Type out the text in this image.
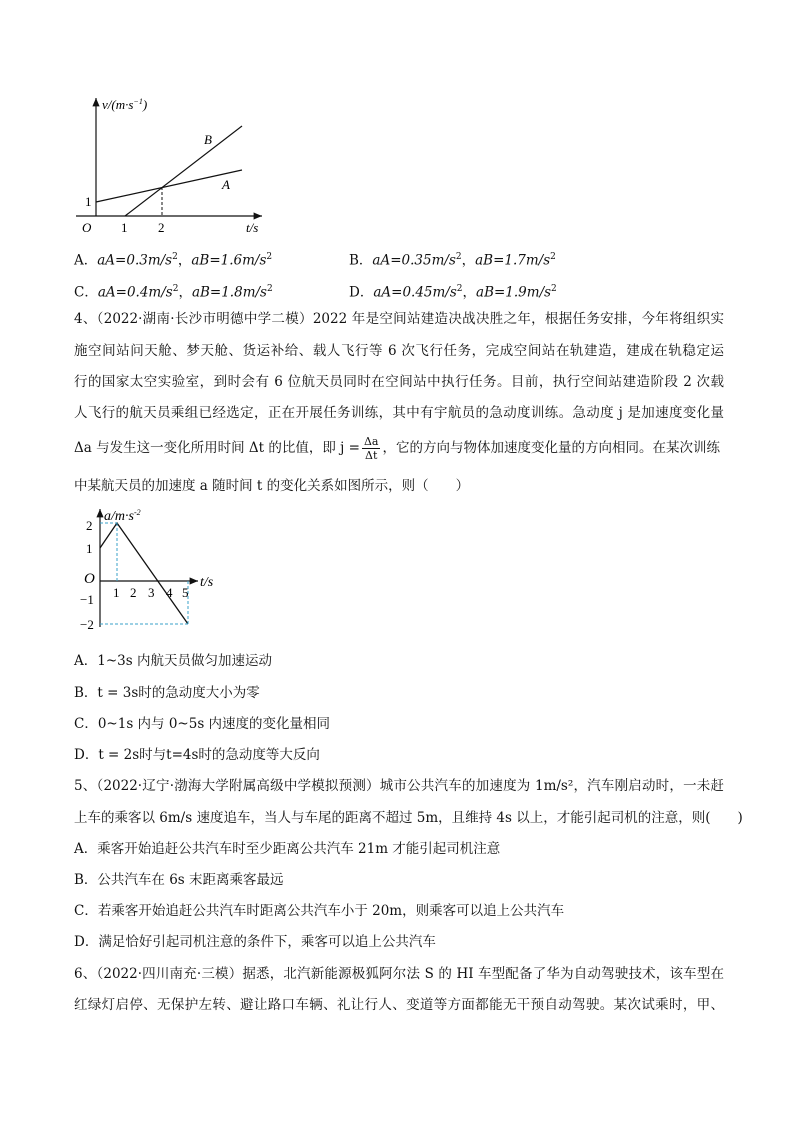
$v/(m\cdot s^{-1})$
t/s
O
B
A
1
1 2
A．$aA=0.3m/s^2$，$aB=1.6m/s^2$	B．$aA=0.35m/s^2$，$aB=1.7m/s^2$
C．$aA=0.4m/s^2$，$aB=1.8m/s^2$	D．$aA=0.45m/s^2$，$aB=1.9m/s^2$
4、（2022·湖南·长沙市明德中学二模）2022 年是空间站建造决战决胜之年，根据任务安排，今年将组织实
施空间站问天舱、梦天舱、货运补给、载人飞行等 6 次飞行任务，完成空间站在轨建造，建成在轨稳定运
行的国家太空实验室，到时会有 6 位航天员同时在空间站中执行任务。目前，执行空间站建造阶段 2 次载
人飞行的航天员乘组已经选定，正在开展任务训练，其中有宇航员的急动度训练。急动度 j 是加速度变化量
Δa 与发生这一变化所用时间 Δt 的比值，即 $j = \frac{\Delta a}{\Delta t}$ ，它的方向与物体加速度变化量的方向相同。在某次训练
中某航天员的加速度 a 随时间 t 的变化关系如图所示，则（　　）
$a/m\cdot s^{-2}$
t/s
O
2
1
−1
−2
1 2 3 4 5
A．1~3s 内航天员做匀加速运动
B．t = 3s时的急动度大小为零
C．0~1s 内与 0~5s 内速度的变化量相同
D．t = 2s时与t=4s时的急动度等大反向
5、（2022·辽宁·渤海大学附属高级中学模拟预测）城市公共汽车的加速度为 1m/s²，汽车刚启动时，一未赶
上车的乘客以 6m/s 速度追车，当人与车尾的距离不超过 5m，且维持 4s 以上，才能引起司机的注意，则(　　)
A．乘客开始追赶公共汽车时至少距离公共汽车 21m 才能引起司机注意
B．公共汽车在 6s 末距离乘客最远
C．若乘客开始追赶公共汽车时距离公共汽车小于 20m，则乘客可以追上公共汽车
D．满足恰好引起司机注意的条件下，乘客可以追上公共汽车
6、（2022·四川南充·三模）据悉，北汽新能源极狐阿尔法 S 的 HI 车型配备了华为自动驾驶技术，该车型在
红绿灯启停、无保护左转、避让路口车辆、礼让行人、变道等方面都能无干预自动驾驶。某次试乘时，甲、
